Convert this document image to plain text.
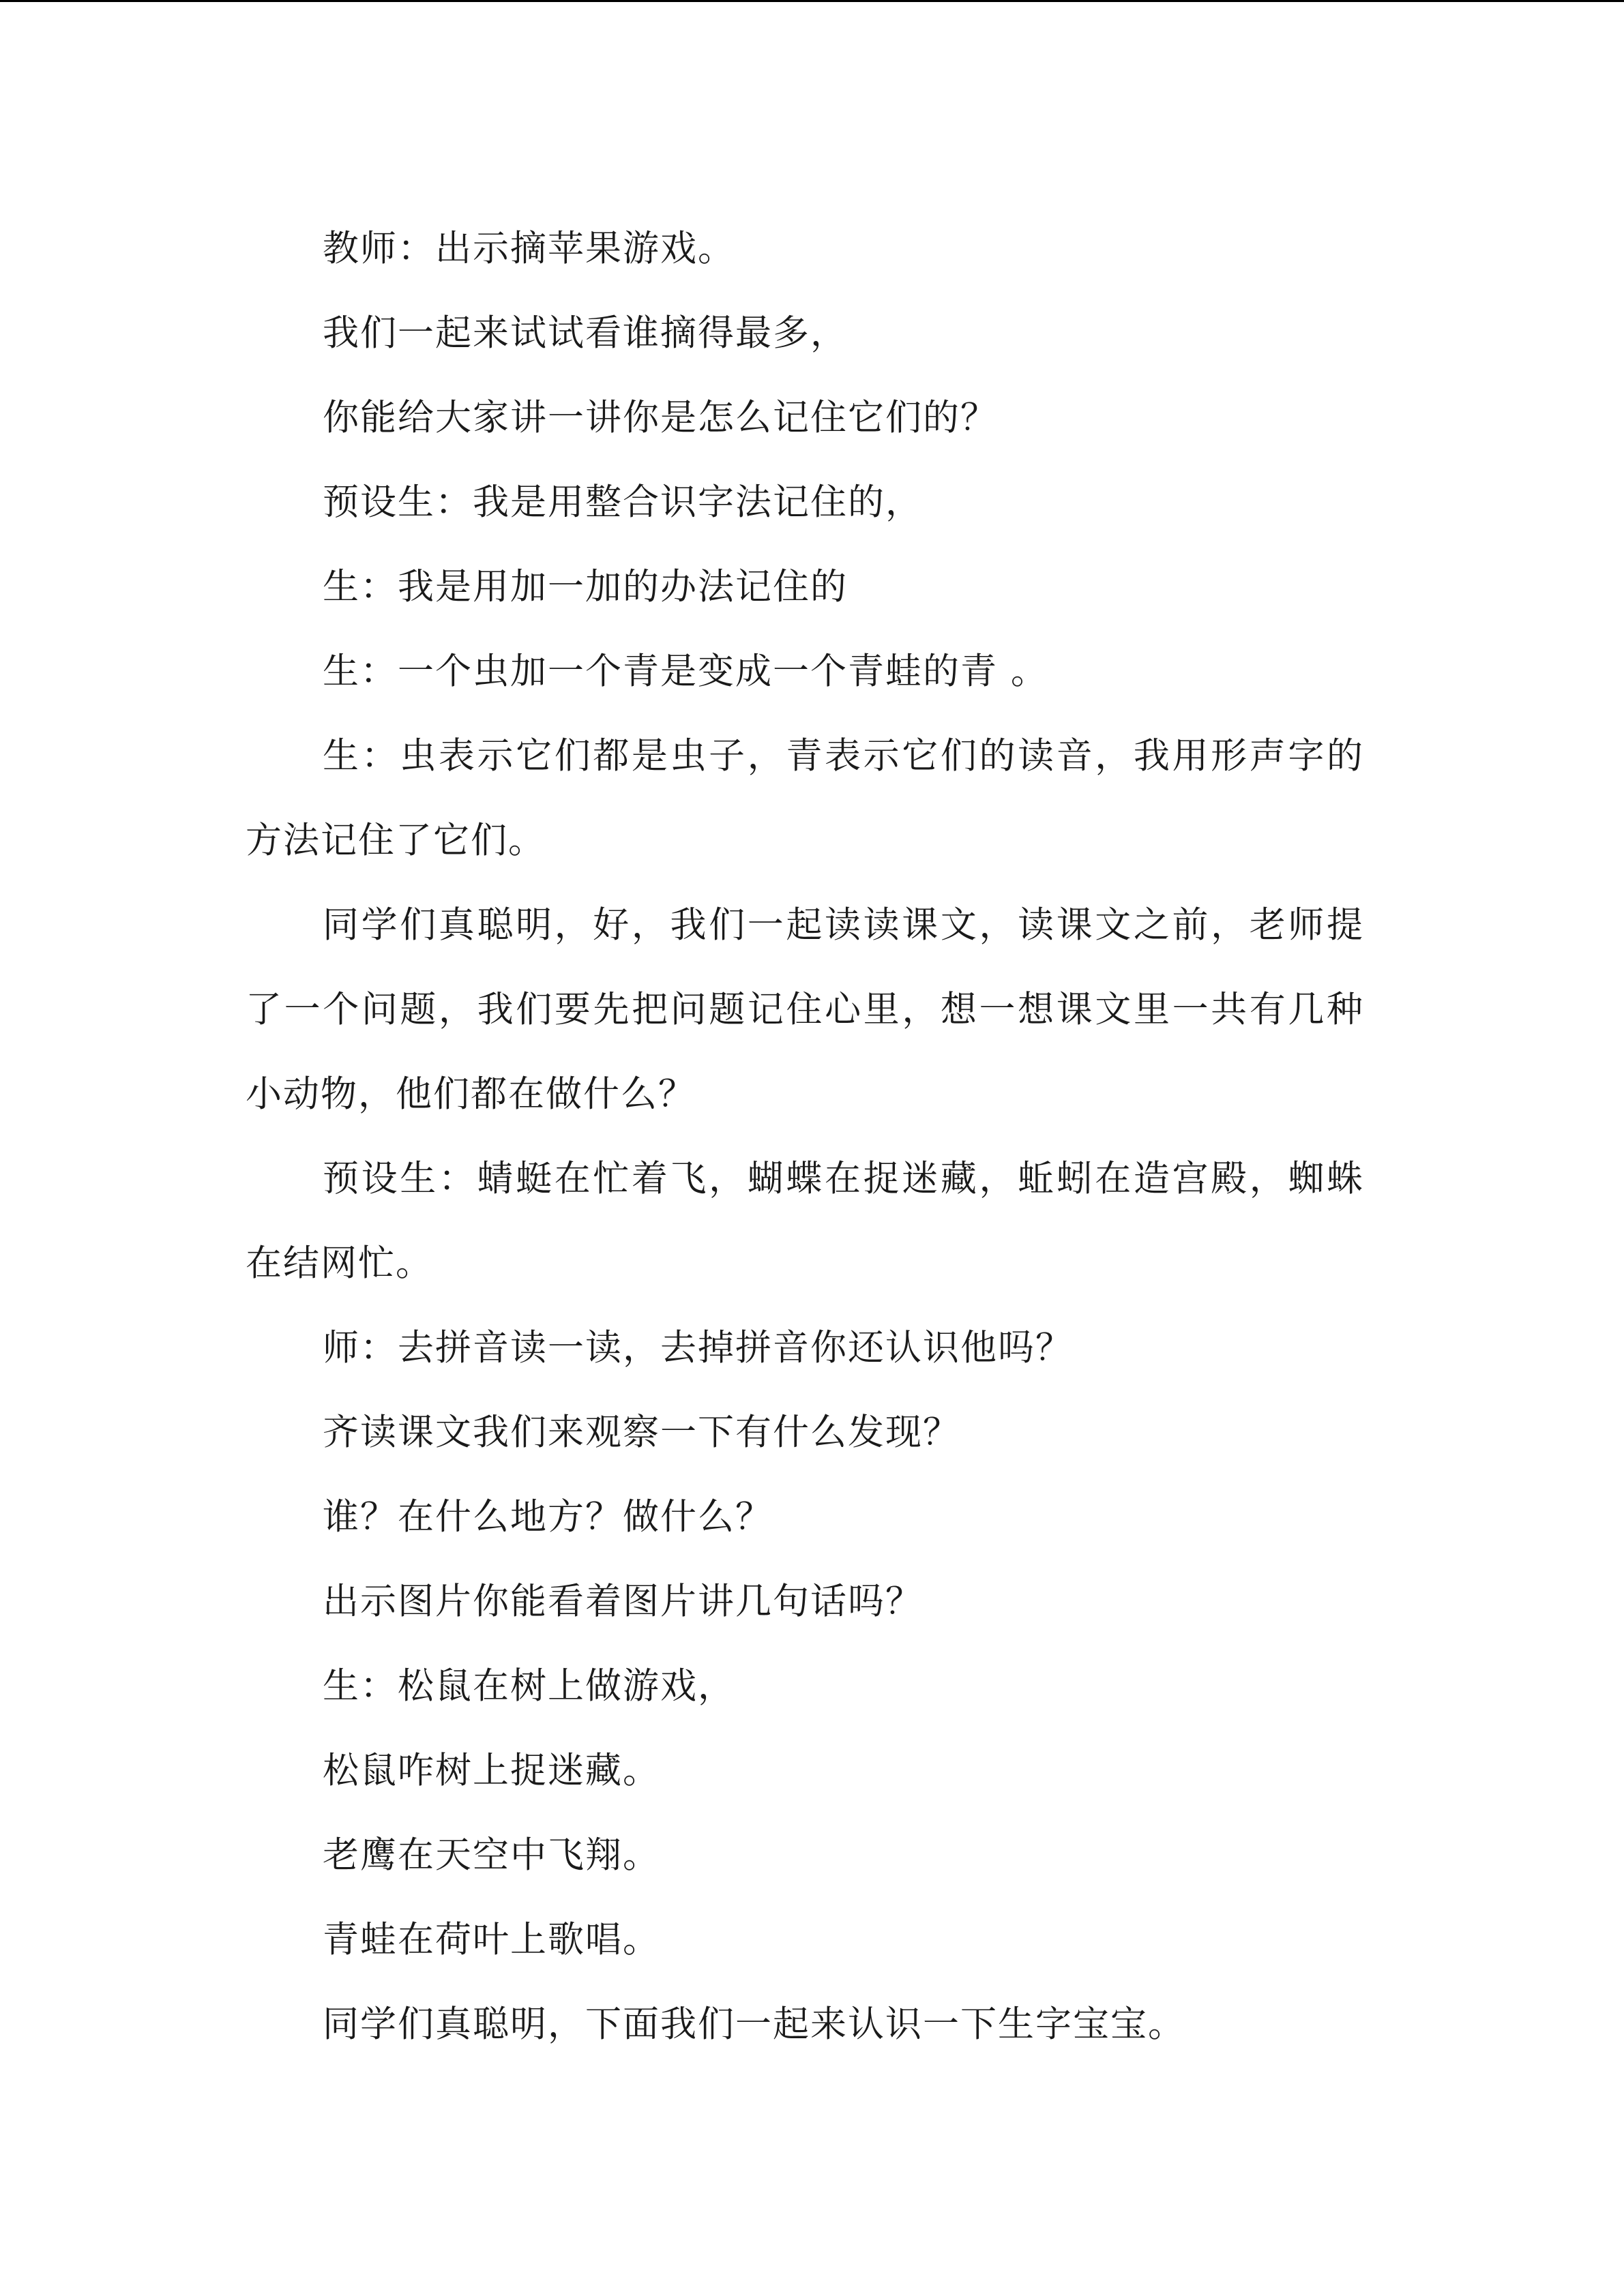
教师：出示摘苹果游戏。

我们一起来试试看谁摘得最多，

你能给大家讲一讲你是怎么记住它们的？

预设生：我是用整合识字法记住的，

生：我是用加一加的办法记住的

生：一个虫加一个青是变成一个青蛙的青 。

生：虫表示它们都是虫子，青表示它们的读音，我用形声字的方法记住了它们。

同学们真聪明，好，我们一起读读课文，读课文之前，老师提了一个问题，我们要先把问题记住心里，想一想课文里一共有几种小动物，他们都在做什么？

预设生：蜻蜓在忙着飞，蝴蝶在捉迷藏，蚯蚓在造宫殿，蜘蛛在结网忙。

师：去拼音读一读，去掉拼音你还认识他吗？

齐读课文我们来观察一下有什么发现？

谁？在什么地方？做什么？

出示图片你能看着图片讲几句话吗？

生：松鼠在树上做游戏，

松鼠咋树上捉迷藏。

老鹰在天空中飞翔。

青蛙在荷叶上歌唱。

同学们真聪明，下面我们一起来认识一下生字宝宝。
